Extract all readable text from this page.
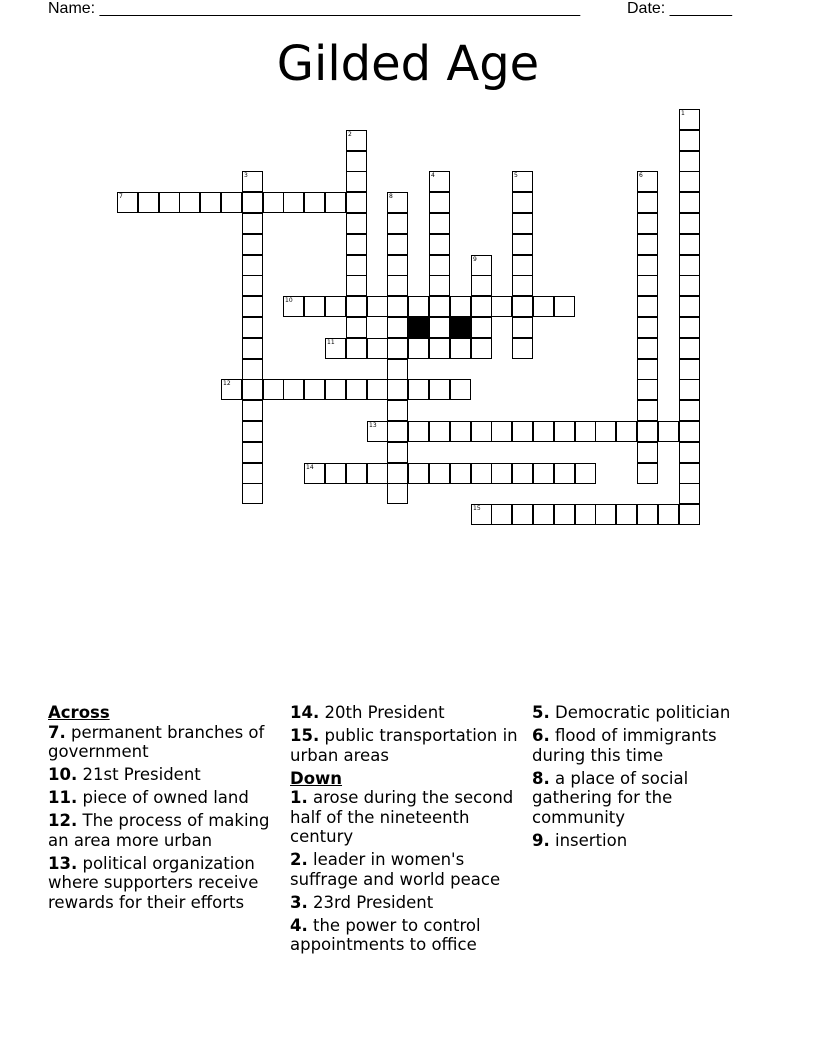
Name: ______________________________________________________	Date: _______
Gilded Age
7
10
11
12
13
14
15
1
2
3	4	5	6
8
9
Across
7. permanent branches of government
10. 21st President
11. piece of owned land
12. The process of making an area more urban
13. political organization where supporters receive rewards for their efforts
14. 20th President
15. public transportation in urban areas
Down
1. arose during the second half of the nineteenth century
2. leader in women's suffrage and world peace
3. 23rd President
4. the power to control appointments to office
5. Democratic politician
6. flood of immigrants during this time
8. a place of social gathering for the community
9. insertion
